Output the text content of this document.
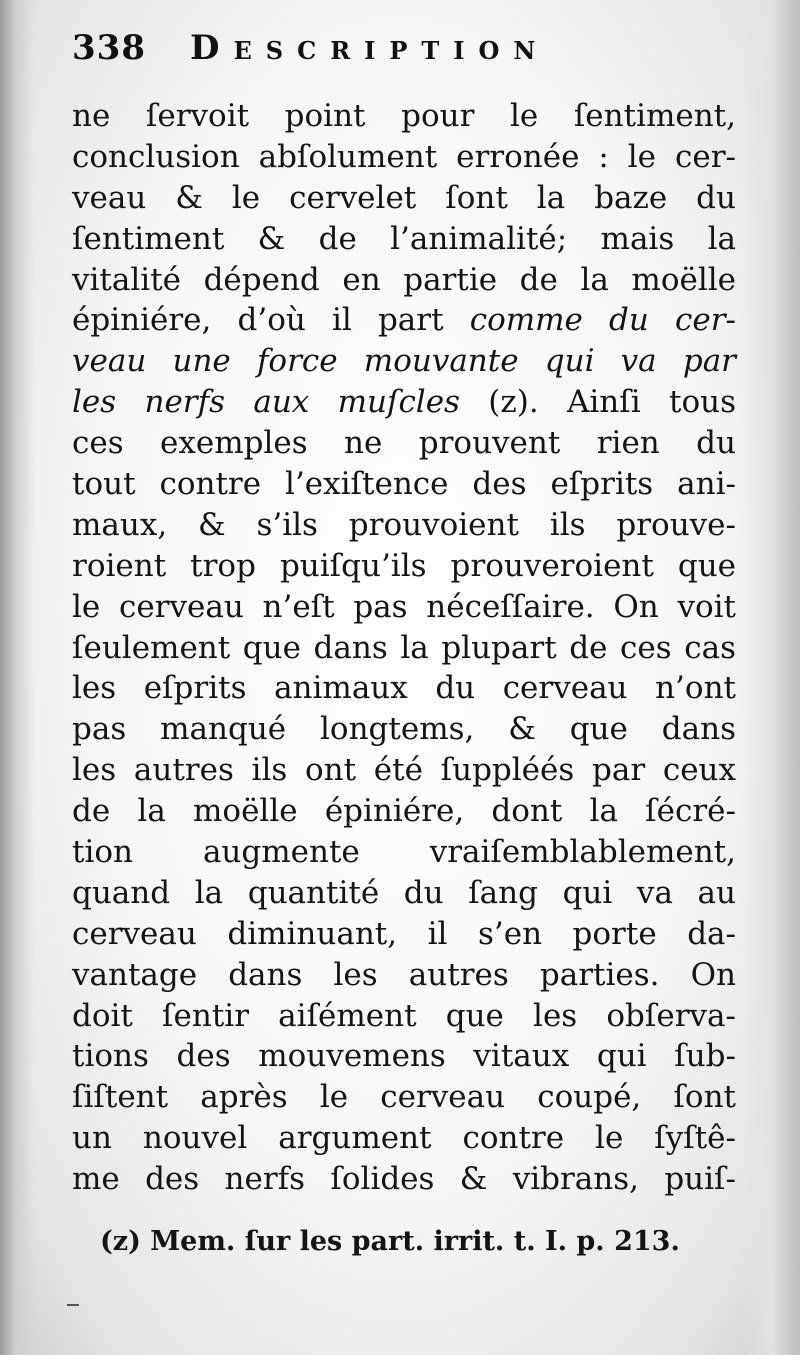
338 Description
ne ſervoit point pour le ſentiment,
conclusion abſolument erronée : le cer-
veau & le cervelet ſont la baze du
ſentiment & de l’animalité; mais la
vitalité dépend en partie de la moëlle
épiniére, d’où il part comme du cer-
veau une force mouvante qui va par
les nerfs aux muſcles (z). Ainſi tous
ces exemples ne prouvent rien du
tout contre l’exiſtence des eſprits ani-
maux, & s’ils prouvoient ils prouve-
roient trop puiſqu’ils prouveroient que
le cerveau n’eſt pas néceſſaire. On voit
ſeulement que dans la plupart de ces cas
les eſprits animaux du cerveau n’ont
pas manqué longtems, & que dans
les autres ils ont été ſuppléés par ceux
de la moëlle épiniére, dont la ſécré-
tion augmente vraiſemblablement,
quand la quantité du ſang qui va au
cerveau diminuant, il s’en porte da-
vantage dans les autres parties. On
doit ſentir aiſément que les obſerva-
tions des mouvemens vitaux qui ſub-
ſiſtent après le cerveau coupé, ſont
un nouvel argument contre le ſyſtê-
me des nerfs ſolides & vibrans, puiſ-
(z) Mem. ſur les part. irrit. t. I. p. 213.
